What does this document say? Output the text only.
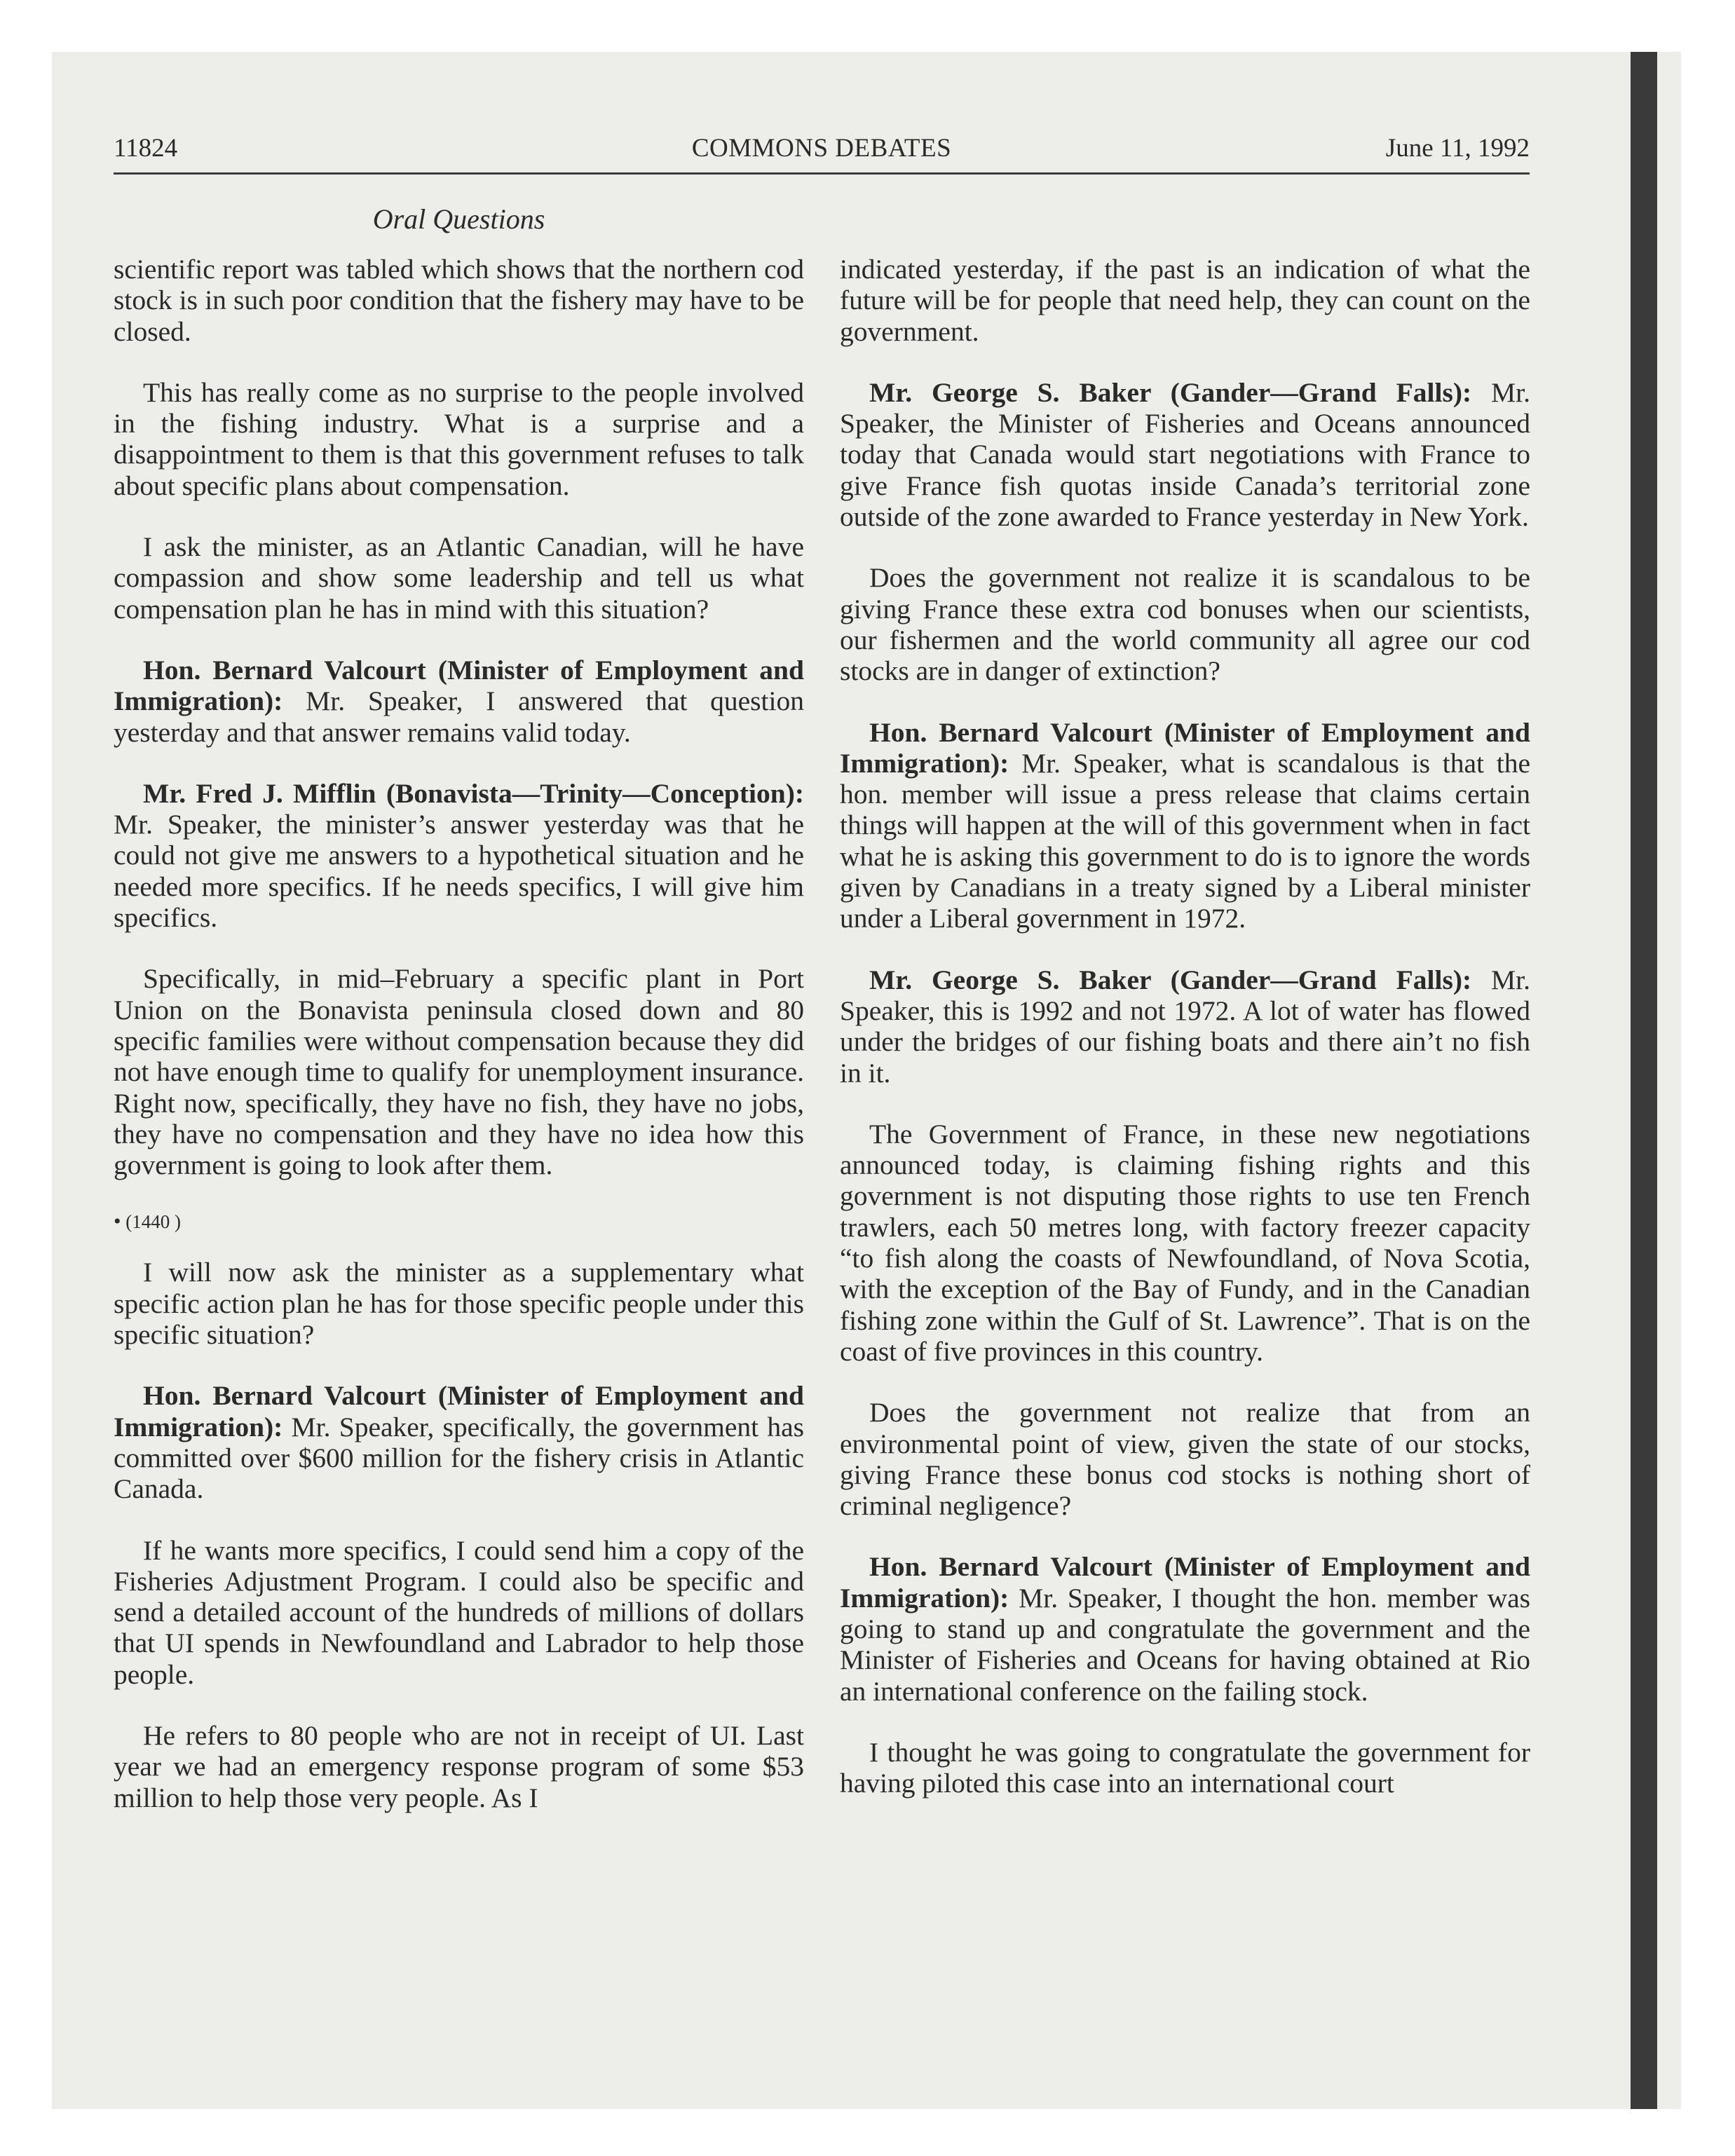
11824	COMMONS DEBATES	June 11, 1992
Oral Questions

scientific report was tabled which shows that the northern cod stock is in such poor condition that the fishery may have to be closed.

This has really come as no surprise to the people involved in the fishing industry. What is a surprise and a disappointment to them is that this government refuses to talk about specific plans about compensation.

I ask the minister, as an Atlantic Canadian, will he have compassion and show some leadership and tell us what compensation plan he has in mind with this situation?

Hon. Bernard Valcourt (Minister of Employment and Immigration): Mr. Speaker, I answered that question yesterday and that answer remains valid today.

Mr. Fred J. Mifflin (Bonavista—Trinity—Conception): Mr. Speaker, the minister’s answer yesterday was that he could not give me answers to a hypothetical situation and he needed more specifics. If he needs specifics, I will give him specifics.

Specifically, in mid–February a specific plant in Port Union on the Bonavista peninsula closed down and 80 specific families were without compensation because they did not have enough time to qualify for unemployment insurance. Right now, specifically, they have no fish, they have no jobs, they have no compensation and they have no idea how this government is going to look after them.

• (1440 )

I will now ask the minister as a supplementary what specific action plan he has for those specific people under this specific situation?

Hon. Bernard Valcourt (Minister of Employment and Immigration): Mr. Speaker, specifically, the government has committed over $600 million for the fishery crisis in Atlantic Canada.

If he wants more specifics, I could send him a copy of the Fisheries Adjustment Program. I could also be specific and send a detailed account of the hundreds of millions of dollars that UI spends in Newfoundland and Labrador to help those people.

He refers to 80 people who are not in receipt of UI. Last year we had an emergency response program of some $53 million to help those very people. As I

indicated yesterday, if the past is an indication of what the future will be for people that need help, they can count on the government.

Mr. George S. Baker (Gander—Grand Falls): Mr. Speaker, the Minister of Fisheries and Oceans announced today that Canada would start negotiations with France to give France fish quotas inside Canada’s territorial zone outside of the zone awarded to France yesterday in New York.

Does the government not realize it is scandalous to be giving France these extra cod bonuses when our scientists, our fishermen and the world community all agree our cod stocks are in danger of extinction?

Hon. Bernard Valcourt (Minister of Employment and Immigration): Mr. Speaker, what is scandalous is that the hon. member will issue a press release that claims certain things will happen at the will of this government when in fact what he is asking this government to do is to ignore the words given by Canadians in a treaty signed by a Liberal minister under a Liberal government in 1972.

Mr. George S. Baker (Gander—Grand Falls): Mr. Speaker, this is 1992 and not 1972. A lot of water has flowed under the bridges of our fishing boats and there ain’t no fish in it.

The Government of France, in these new negotiations announced today, is claiming fishing rights and this government is not disputing those rights to use ten French trawlers, each 50 metres long, with factory freezer capacity “to fish along the coasts of Newfoundland, of Nova Scotia, with the exception of the Bay of Fundy, and in the Canadian fishing zone within the Gulf of St. Lawrence”. That is on the coast of five provinces in this country.

Does the government not realize that from an environmental point of view, given the state of our stocks, giving France these bonus cod stocks is nothing short of criminal negligence?

Hon. Bernard Valcourt (Minister of Employment and Immigration): Mr. Speaker, I thought the hon. member was going to stand up and congratulate the government and the Minister of Fisheries and Oceans for having obtained at Rio an international conference on the failing stock.

I thought he was going to congratulate the government for having piloted this case into an international court
